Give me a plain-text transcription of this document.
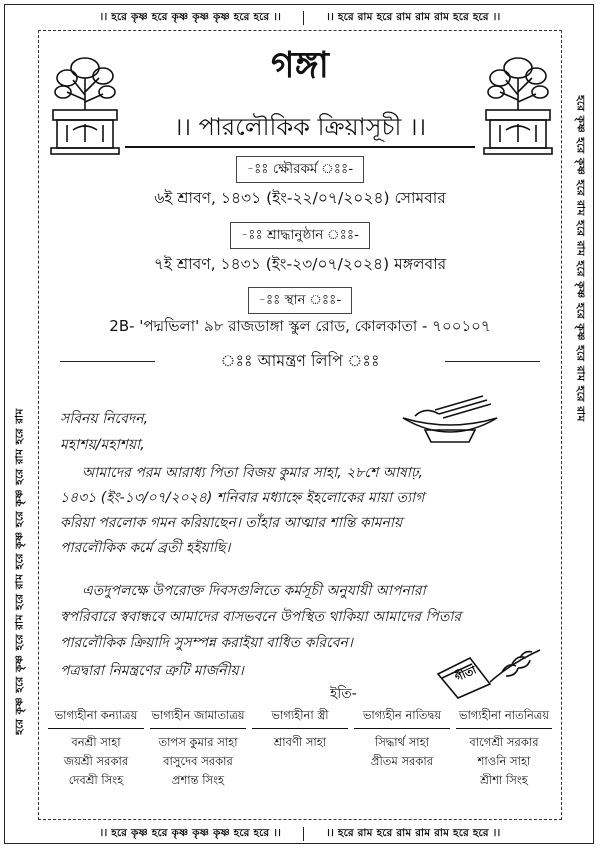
।। হরে কৃষ্ণ হরে কৃষ্ণ কৃষ্ণ কৃষ্ণ হরে হরে ।।	।। হরে রাম হরে রাম রাম রাম হরে হরে ।।
।। হরে কৃষ্ণ হরে কৃষ্ণ কৃষ্ণ কৃষ্ণ হরে হরে ।।	।। হরে রাম হরে রাম রাম রাম হরে হরে ।।
হরে কৃষ্ণ হরে কৃষ্ণ হরে রাম হরে রাম হরে কৃষ্ণ হরে কৃষ্ণ হরে রাম হরে রাম
হরে কৃষ্ণ হরে কৃষ্ণ হরে রাম হরে রাম হরে কৃষ্ণ হরে কৃষ্ণ হরে রাম হরে রাম
গঙ্গা
।। পারলৌকিক ক্রিয়াসূচী ।।
-ঃঃ ক্ষৌরকর্ম ঃঃ-
৬ই শ্রাবণ, ১৪৩১ (ইং-২২/০৭/২০২৪) সোমবার
-ঃঃ শ্রাদ্ধানুষ্ঠান ঃঃ-
৭ই শ্রাবণ, ১৪৩১ (ইং-২৩/০৭/২০২৪) মঙ্গলবার
-ঃঃ স্থান ঃঃ-
2B- 'পদ্মভিলা' ৯৮ রাজডাঙ্গা স্কুল রোড, কোলকাতা - ৭০০১০৭
ঃঃ আমন্ত্রণ লিপি ঃঃ
সবিনয় নিবেদন,
মহাশয়/মহাশয়া,
আমাদের পরম আরাধ্য পিতা বিজয় কুমার সাহা, ২৮শে আষাঢ়,
১৪৩১ (ইং-১৩/০৭/২০২৪) শনিবার মধ্যাহ্নে ইহলোকের মায়া ত্যাগ
করিয়া পরলোক গমন করিয়াছেন। তাঁহার আত্মার শান্তি কামনায়
পারলৌকিক কর্মে ব্রতী হইয়াছি।
এতদুপলক্ষে উপরোক্ত দিবসগুলিতে কর্মসূচী অনুযায়ী আপনারা
স্বপরিবারে স্ববান্ধবে আমাদের বাসভবনে উপস্থিত থাকিয়া আমাদের পিতার
পারলৌকিক ক্রিয়াদি সুসম্পন্ন করাইয়া বাধিত করিবেন।
পত্রদ্বারা নিমন্ত্রণের ত্রুটি মার্জনীয়।
ইতি-
গীতা
ভাগ্যহীনা কন্যাত্রয়
বনশ্রী সাহা
জয়শ্রী সরকার
দেবশ্রী সিংহ
ভাগ্যহীন জামাতাত্রয়
তাপস কুমার সাহা
বাসুদেব সরকার
প্রশান্ত সিংহ
ভাগ্যহীনা স্ত্রী
শ্রাবণী সাহা
ভাগ্যহীন নাতিদ্বয়
সিদ্ধার্থ সাহা
প্রীতম সরকার
ভাগ্যহীনা নাতনিত্রয়
বাগেশ্রী সরকার
শাওনি সাহা
শ্রীশা সিংহ
